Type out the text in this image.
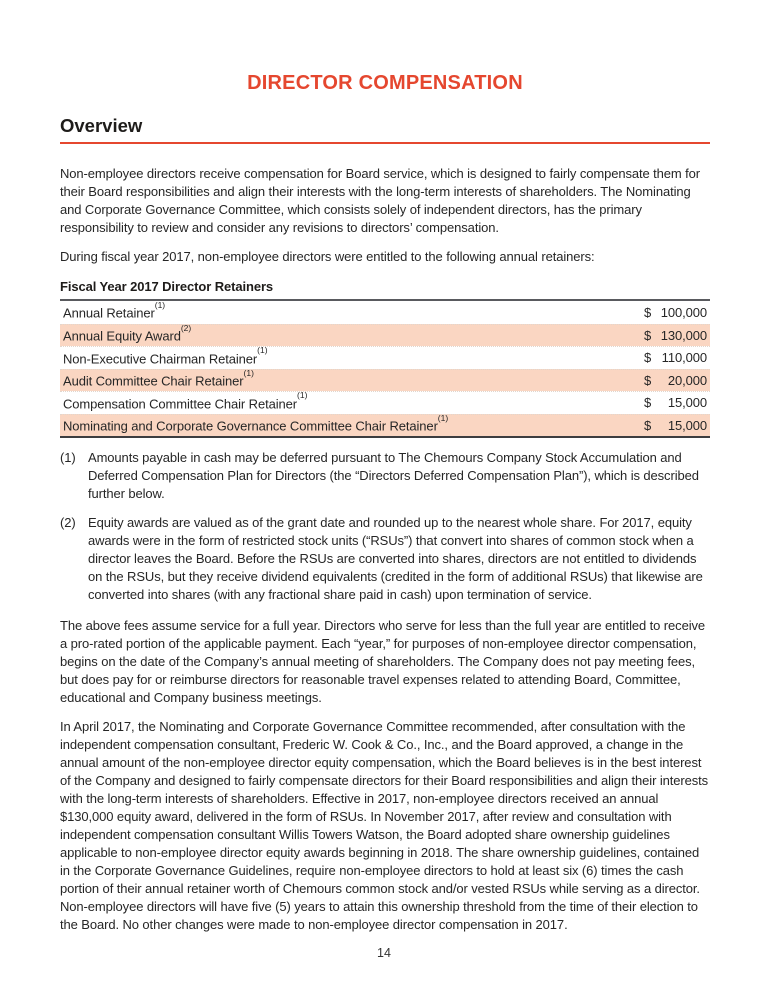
DIRECTOR COMPENSATION
Overview

Non-employee directors receive compensation for Board service, which is designed to fairly compensate them for their Board responsibilities and align their interests with the long-term interests of shareholders. The Nominating and Corporate Governance Committee, which consists solely of independent directors, has the primary responsibility to review and consider any revisions to directors’ compensation.

During fiscal year 2017, non-employee directors were entitled to the following annual retainers:

Fiscal Year 2017 Director Retainers
Annual Retainer$^{(1)}$
$ 100,000
Annual Equity Award$^{(2)}$
$ 130,000
Non-Executive Chairman Retainer$^{(1)}$
$ 110,000
Audit Committee Chair Retainer$^{(1)}$
$ 20,000
Compensation Committee Chair Retainer$^{(1)}$
$ 15,000
Nominating and Corporate Governance Committee Chair Retainer$^{(1)}$
$ 15,000
(1) Amounts payable in cash may be deferred pursuant to The Chemours Company Stock Accumulation and Deferred Compensation Plan for Directors (the “Directors Deferred Compensation Plan”), which is described further below.
(2) Equity awards are valued as of the grant date and rounded up to the nearest whole share. For 2017, equity awards were in the form of restricted stock units (“RSUs”) that convert into shares of common stock when a director leaves the Board. Before the RSUs are converted into shares, directors are not entitled to dividends on the RSUs, but they receive dividend equivalents (credited in the form of additional RSUs) that likewise are converted into shares (with any fractional share paid in cash) upon termination of service.

The above fees assume service for a full year. Directors who serve for less than the full year are entitled to receive a pro-rated portion of the applicable payment. Each “year,” for purposes of non-employee director compensation, begins on the date of the Company’s annual meeting of shareholders. The Company does not pay meeting fees, but does pay for or reimburse directors for reasonable travel expenses related to attending Board, Committee, educational and Company business meetings.

In April 2017, the Nominating and Corporate Governance Committee recommended, after consultation with the independent compensation consultant, Frederic W. Cook & Co., Inc., and the Board approved, a change in the annual amount of the non-employee director equity compensation, which the Board believes is in the best interest of the Company and designed to fairly compensate directors for their Board responsibilities and align their interests with the long-term interests of shareholders. Effective in 2017, non-employee directors received an annual $130,000 equity award, delivered in the form of RSUs. In November 2017, after review and consultation with independent compensation consultant Willis Towers Watson, the Board adopted share ownership guidelines applicable to non-employee director equity awards beginning in 2018. The share ownership guidelines, contained in the Corporate Governance Guidelines, require non-employee directors to hold at least six (6) times the cash portion of their annual retainer worth of Chemours common stock and/or vested RSUs while serving as a director. Non-employee directors will have five (5) years to attain this ownership threshold from the time of their election to the Board. No other changes were made to non-employee director compensation in 2017.

14
